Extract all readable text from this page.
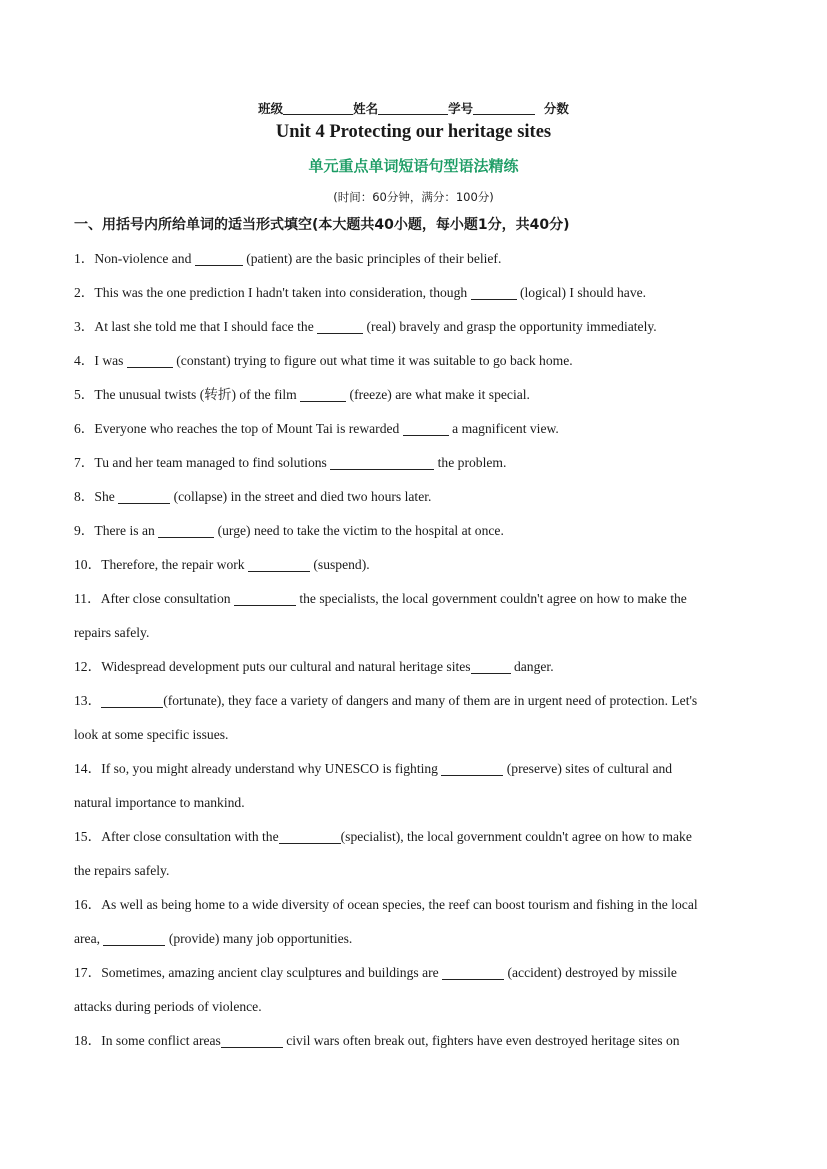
班级	姓名	学号	分数
Unit 4 Protecting our heritage sites
单元重点单词短语句型语法精练
(时间：60分钟，满分：100分)
一、用括号内所给单词的适当形式填空(本大题共40小题，每小题1分，共40分)
1．Non-violence and	(patient) are the basic principles of their belief.
2．This was the one prediction I hadn't taken into consideration, though	(logical) I should have.
3．At last she told me that I should face the	(real) bravely and grasp the opportunity immediately.
4．I was	(constant) trying to figure out what time it was suitable to go back home.
5．The unusual twists (转折) of the film	(freeze) are what make it special.
6．Everyone who reaches the top of Mount Tai is rewarded	a magnificent view.
7．Tu and her team managed to find solutions	the problem.
8．She	(collapse) in the street and died two hours later.
9．There is an	(urge) need to take the victim to the hospital at once.
10．Therefore, the repair work	(suspend).
11．After close consultation	the specialists, the local government couldn't agree on how to make the
repairs safely.
12．Widespread development puts our cultural and natural heritage sites	danger.
13．	(fortunate), they face a variety of dangers and many of them are in urgent need of protection. Let's
look at some specific issues.
14．If so, you might already understand why UNESCO is fighting	(preserve) sites of cultural and
natural importance to mankind.
15．After close consultation with the	(specialist), the local government couldn't agree on how to make
the repairs safely.
16．As well as being home to a wide diversity of ocean species, the reef can boost tourism and fishing in the local
area,	(provide) many job opportunities.
17．Sometimes, amazing ancient clay sculptures and buildings are	(accident) destroyed by missile
attacks during periods of violence.
18．In some conflict areas	civil wars often break out, fighters have even destroyed heritage sites on
